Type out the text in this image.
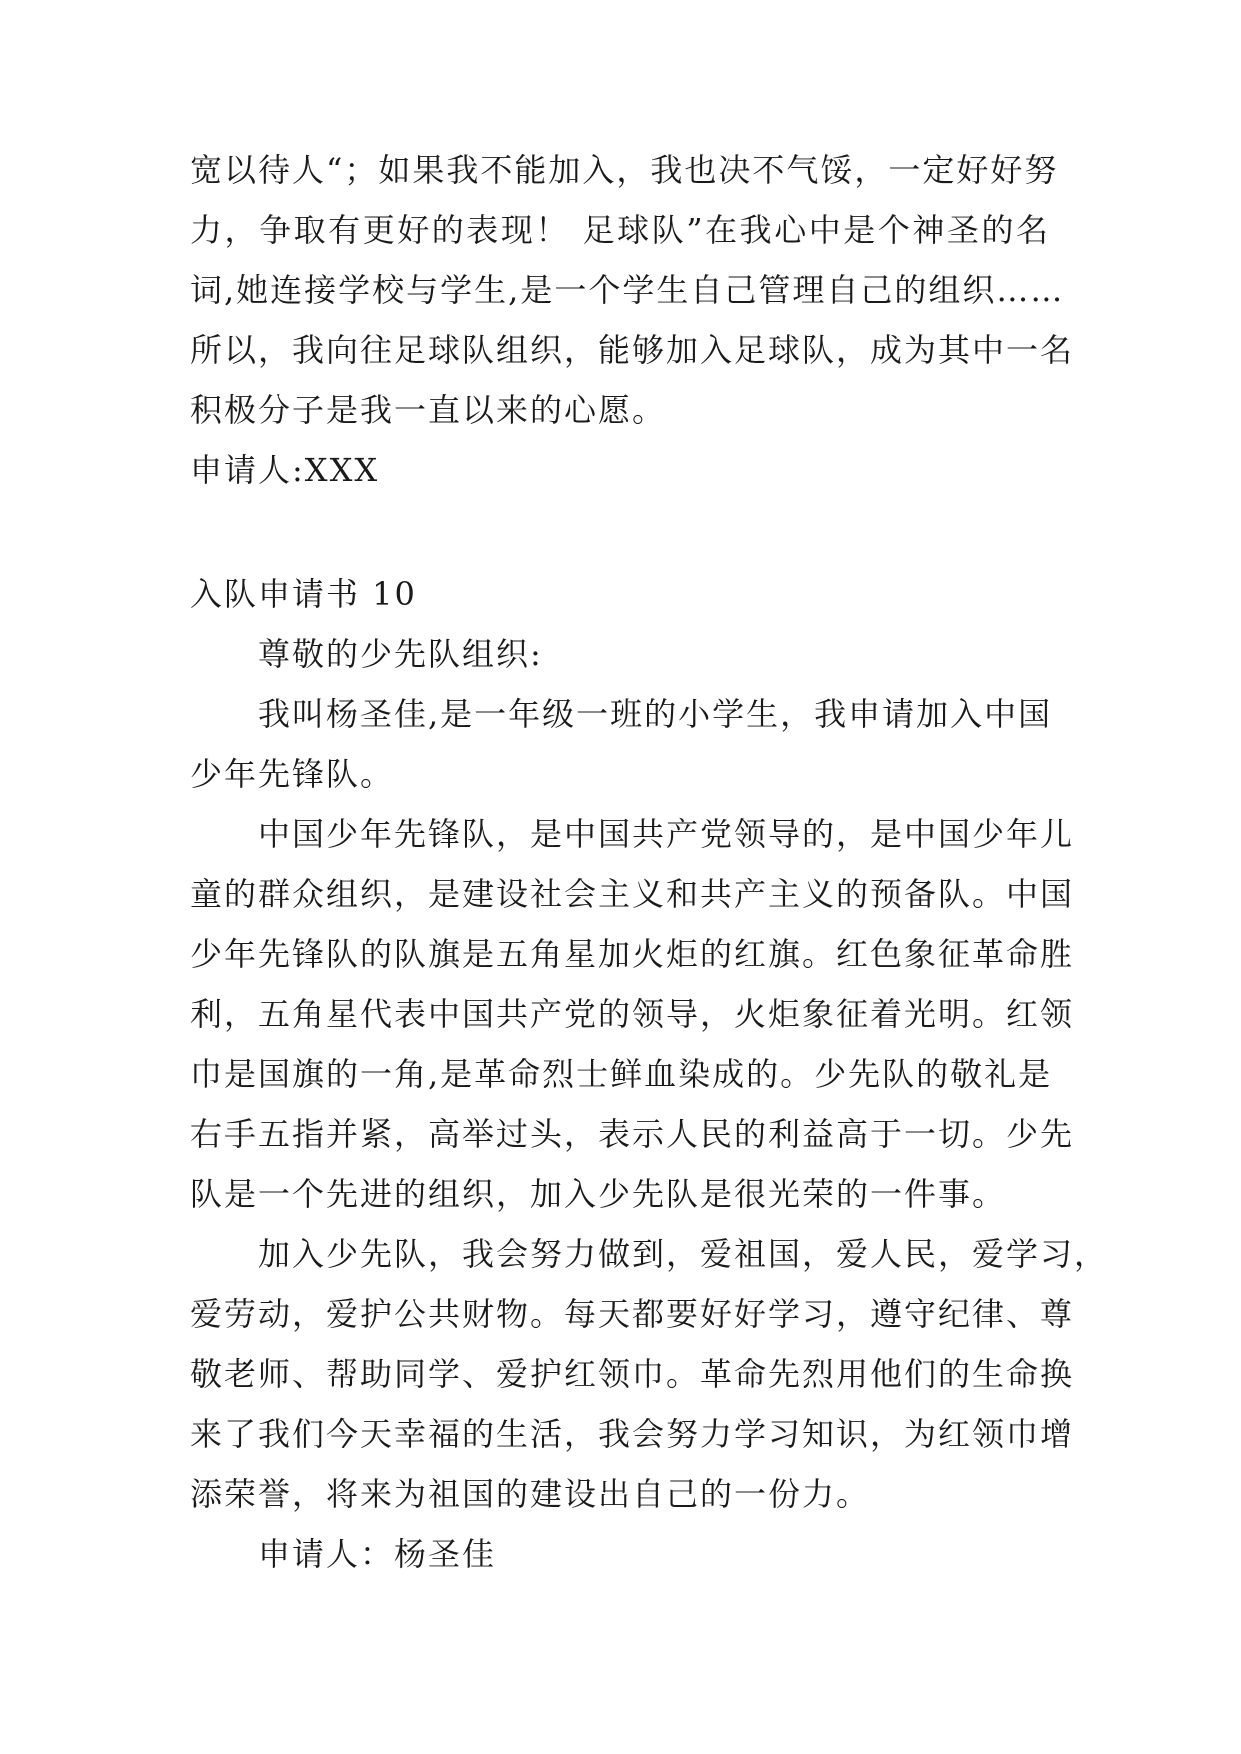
宽以待人“；如果我不能加入，我也决不气馁，一定好好努
力，争取有更好的表现！ 足球队”在我心中是个神圣的名
词,她连接学校与学生,是一个学生自己管理自己的组织……
所以，我向往足球队组织，能够加入足球队，成为其中一名
积极分子是我一直以来的心愿。
申请人:XXX
入队申请书 10
尊敬的少先队组织:
我叫杨圣佳,是一年级一班的小学生，我申请加入中国
少年先锋队。
中国少年先锋队，是中国共产党领导的，是中国少年儿
童的群众组织，是建设社会主义和共产主义的预备队。中国
少年先锋队的队旗是五角星加火炬的红旗。红色象征革命胜
利，五角星代表中国共产党的领导，火炬象征着光明。红领
巾是国旗的一角,是革命烈士鲜血染成的。少先队的敬礼是
右手五指并紧，高举过头，表示人民的利益高于一切。少先
队是一个先进的组织，加入少先队是很光荣的一件事。
加入少先队，我会努力做到，爱祖国，爱人民，爱学习，
爱劳动，爱护公共财物。每天都要好好学习，遵守纪律、尊
敬老师、帮助同学、爱护红领巾。革命先烈用他们的生命换
来了我们今天幸福的生活，我会努力学习知识，为红领巾增
添荣誉，将来为祖国的建设出自己的一份力。
申请人：杨圣佳
